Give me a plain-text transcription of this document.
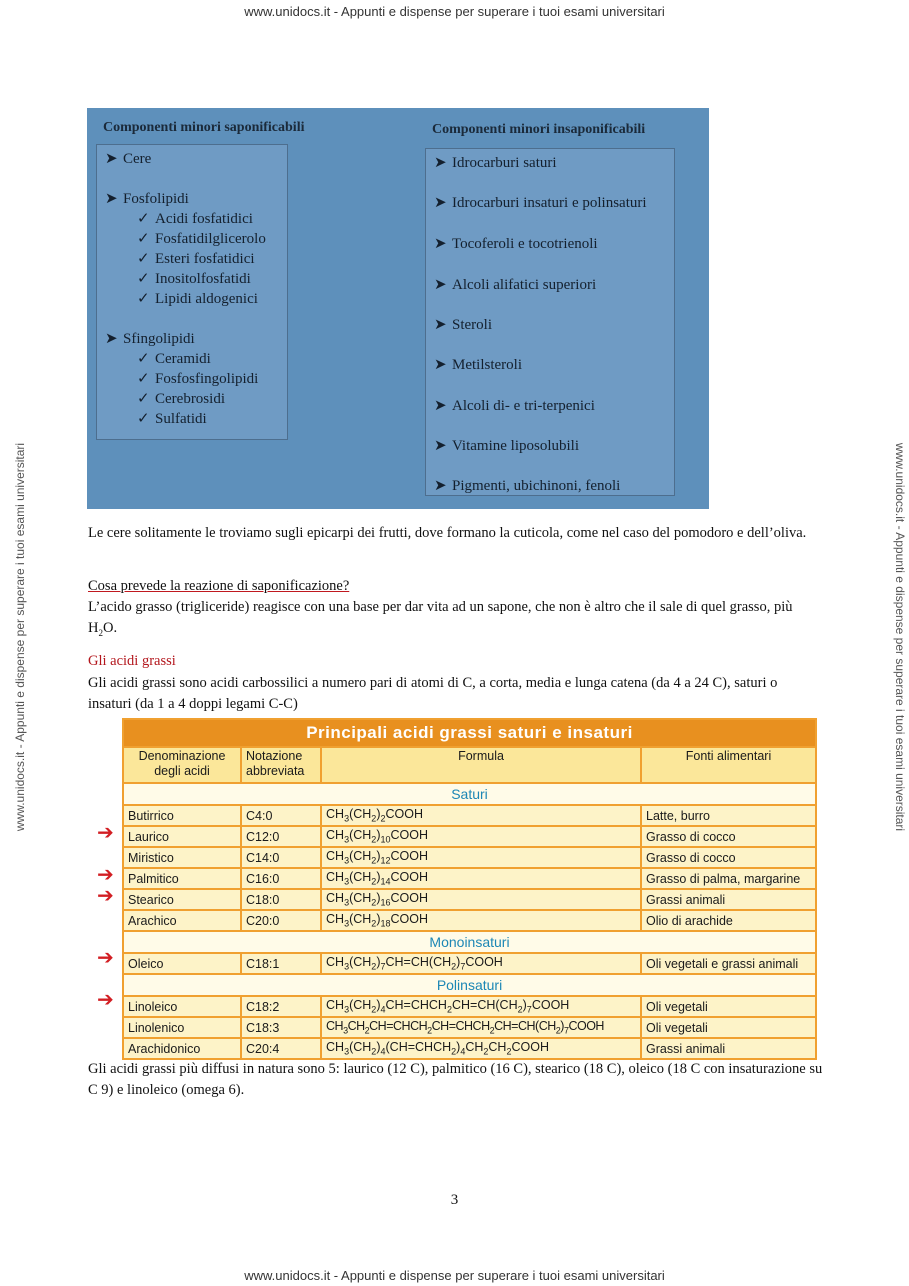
www.unidocs.it - Appunti e dispense per superare i tuoi esami universitari
www.unidocs.it - Appunti e dispense per superare i tuoi esami universitari
www.unidocs.it - Appunti e dispense per superare i tuoi esami universitari	www.unidocs.it - Appunti e dispense per superare i tuoi esami universitari
Componenti minori saponificabili	Componenti minori insaponificabili
➤ Cere
➤ Fosfolipidi
✓ Acidi fosfatidici
✓ Fosfatidilglicerolo
✓ Esteri fosfatidici
✓ Inositolfosfatidi
✓ Lipidi aldogenici
➤ Sfingolipidi
✓ Ceramidi
✓ Fosfosfingolipidi
✓ Cerebrosidi
✓ Sulfatidi
➤ Idrocarburi saturi
➤ Idrocarburi insaturi e polinsaturi
➤ Tocoferoli e tocotrienoli
➤ Alcoli alifatici superiori
➤ Steroli
➤ Metilsteroli
➤ Alcoli di- e tri-terpenici
➤ Vitamine liposolubili
➤ Pigmenti, ubichinoni, fenoli
Le cere solitamente le troviamo sugli epicarpi dei frutti, dove formano la cuticola, come nel caso del pomodoro e dell’oliva.
Cosa prevede la reazione di saponificazione?
L’acido grasso (trigliceride) reagisce con una base per dar vita ad un sapone, che non è altro che il sale di quel grasso, più $H_2O$.
Gli acidi grassi
Gli acidi grassi sono acidi carbossilici a numero pari di atomi di C, a corta, media e lunga catena (da 4 a 24 C), saturi o insaturi (da 1 a 4 doppi legami C-C)
Principali acidi grassi saturi e insaturi			
Denominazione degli acidi	Notazione abbreviata	Formula	Fonti alimentari
Saturi			
Butirrico	C4:0	$CH_3(CH_2)_2COOH$	Latte, burro
Laurico	C12:0	$CH_3(CH_2)_{10}COOH$	Grasso di cocco
Miristico	C14:0	$CH_3(CH_2)_{12}COOH$	Grasso di cocco
Palmitico	C16:0	$CH_3(CH_2)_{14}COOH$	Grasso di palma, margarine
Stearico	C18:0	$CH_3(CH_2)_{16}COOH$	Grassi animali
Arachico	C20:0	$CH_3(CH_2)_{18}COOH$	Olio di arachide
Monoinsaturi			
Oleico	C18:1	$CH_3(CH_2)_7CH=CH(CH_2)_7COOH$	Oli vegetali e grassi animali
Polinsaturi			
Linoleico	C18:2	$CH_3(CH_2)_4CH=CHCH_2CH=CH(CH_2)_7COOH$	Oli vegetali
Linolenico	C18:3	$CH_3CH_2CH=CHCH_2CH=CHCH_2CH=CH(CH_2)_7COOH$	Oli vegetali
Arachidonico	C20:4	$CH_3(CH_2)_4(CH=CHCH_2)_4CH_2CH_2COOH$	Grassi animali
➔
➔
➔
➔
➔
Gli acidi grassi più diffusi in natura sono 5: laurico (12 C), palmitico (16 C), stearico (18 C), oleico (18 C con insaturazione su C 9) e linoleico (omega 6).
3
